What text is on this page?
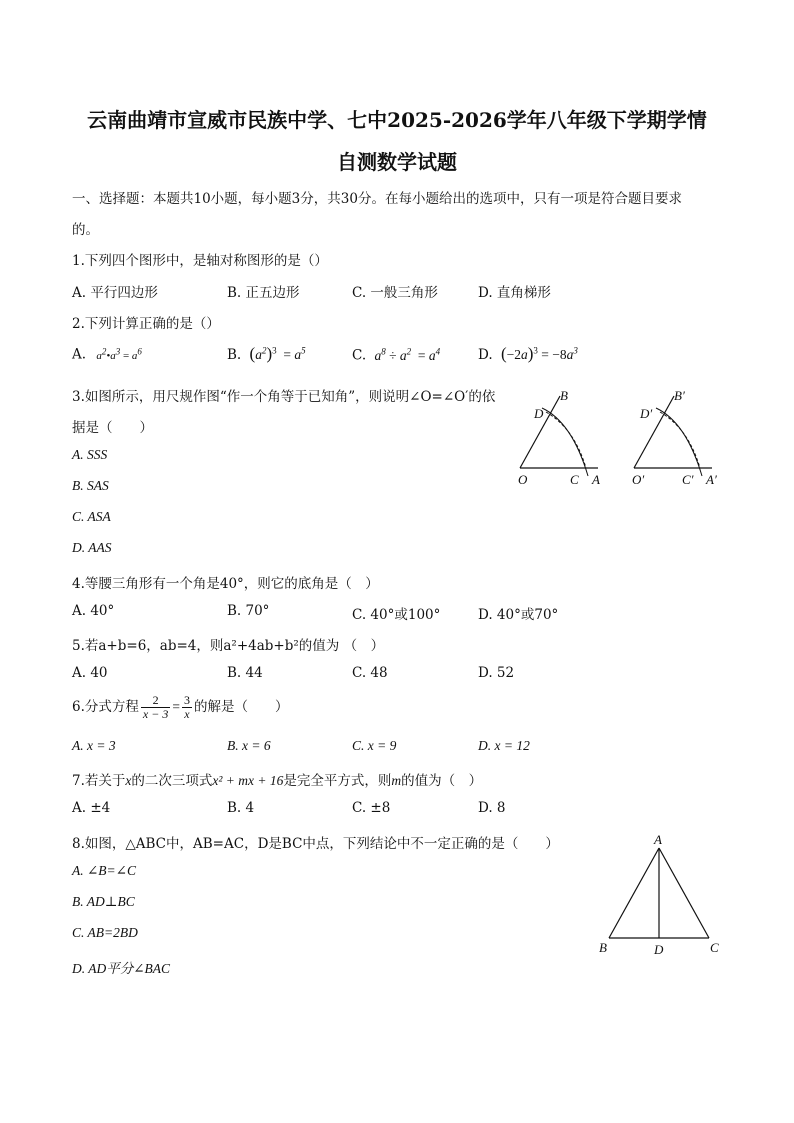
云南曲靖市宣威市民族中学、七中2025-2026学年八年级下学期学情
自测数学试题
一、选择题：本题共10小题，每小题3分，共30分。在每小题给出的选项中，只有一项是符合题目要求
的。
1.下列四个图形中，是轴对称图形的是（）
A. 平行四边形	B. 正五边形	C. 一般三角形	D. 直角梯形
2.下列计算正确的是（）
A. $a^2•a^3 = a^6$	B. $(a^2)^3 = a^5$	C. $a^8 \div a^2 = a^4$	D. $(-2a)^3 = -8a^3$
3.如图所示，用尺规作图“作一个角等于已知角”，则说明∠O=∠O′的依
据是（　　）
A. SSS
B. SAS
C. ASA
D. AAS
O	C A
B
D
O′	C′ A′
B′
D′
4.等腰三角形有一个角是40°，则它的底角是（　）
A. 40°	B. 70°	C. 40°或100°	D. 40°或70°
5.若a+b=6，ab=4，则a²+4ab+b²的值为 （　）
A. 40	B. 44	C. 48	D. 52
6.分式方程 $\frac{2}{x - 3} = \frac{3}{x}$ 的解是（　　）
A. x = 3	B. x = 6	C. x = 9	D. x = 12
7.若关于x的二次三项式x² + mx + 16是完全平方式，则m的值为（　）
A. ±4	B. 4	C. ±8	D. 8
8.如图，△ABC中，AB=AC，D是BC中点，下列结论中不一定正确的是（　　）
A. ∠B=∠C
B. AD⊥BC
C. AB=2BD
D. AD平分∠BAC
A
B	D	C
